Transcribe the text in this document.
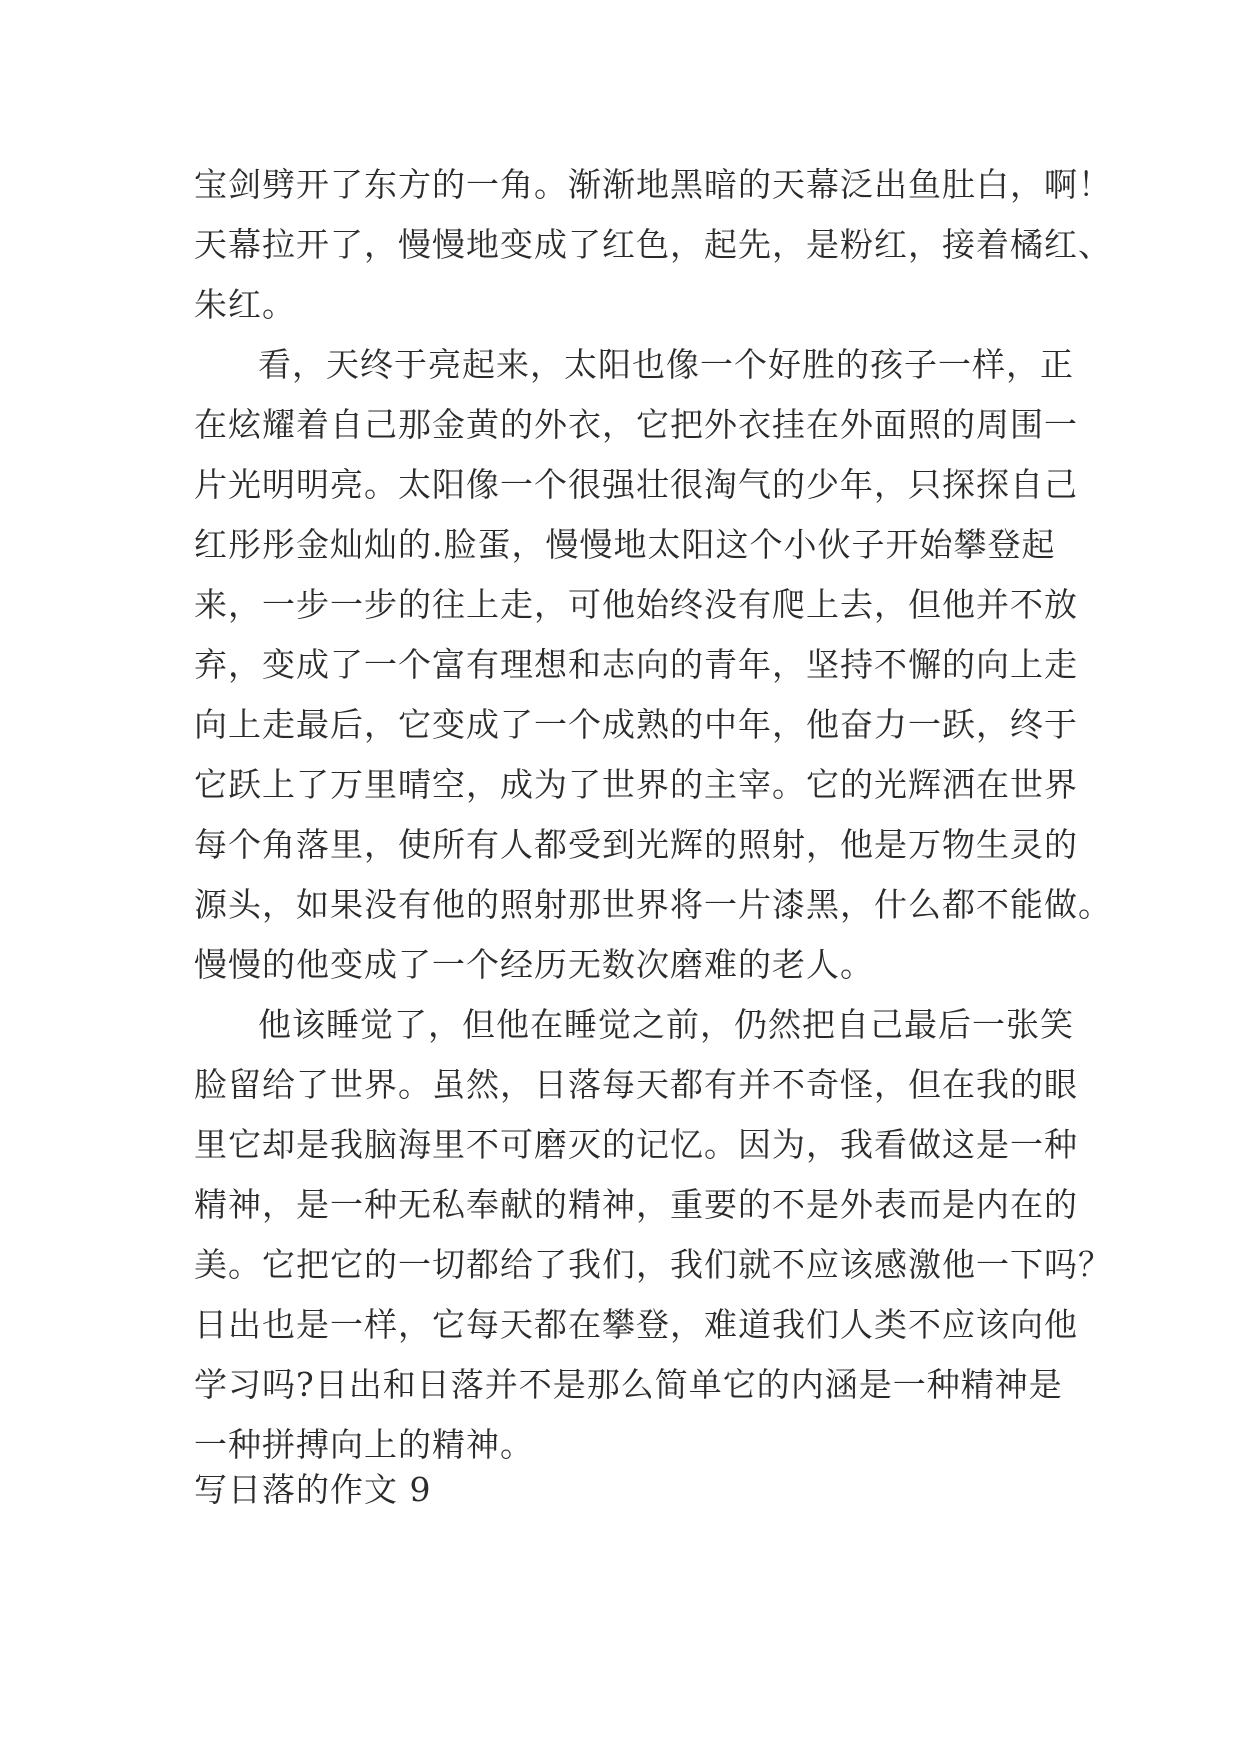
宝剑劈开了东方的一角。渐渐地黑暗的天幕泛出鱼肚白，啊！
天幕拉开了，慢慢地变成了红色，起先，是粉红，接着橘红、
朱红。
看，天终于亮起来，太阳也像一个好胜的孩子一样，正
在炫耀着自己那金黄的外衣，它把外衣挂在外面照的周围一
片光明明亮。太阳像一个很强壮很淘气的少年，只探探自己
红彤彤金灿灿的.脸蛋，慢慢地太阳这个小伙子开始攀登起
来，一步一步的往上走，可他始终没有爬上去，但他并不放
弃，变成了一个富有理想和志向的青年，坚持不懈的向上走
向上走最后，它变成了一个成熟的中年，他奋力一跃，终于
它跃上了万里晴空，成为了世界的主宰。它的光辉洒在世界
每个角落里，使所有人都受到光辉的照射，他是万物生灵的
源头，如果没有他的照射那世界将一片漆黑，什么都不能做。
慢慢的他变成了一个经历无数次磨难的老人。
他该睡觉了，但他在睡觉之前，仍然把自己最后一张笑
脸留给了世界。虽然，日落每天都有并不奇怪，但在我的眼
里它却是我脑海里不可磨灭的记忆。因为，我看做这是一种
精神，是一种无私奉献的精神，重要的不是外表而是内在的
美。它把它的一切都给了我们，我们就不应该感激他一下吗？
日出也是一样，它每天都在攀登，难道我们人类不应该向他
学习吗?日出和日落并不是那么简单它的内涵是一种精神是
一种拼搏向上的精神。
写日落的作文 9
